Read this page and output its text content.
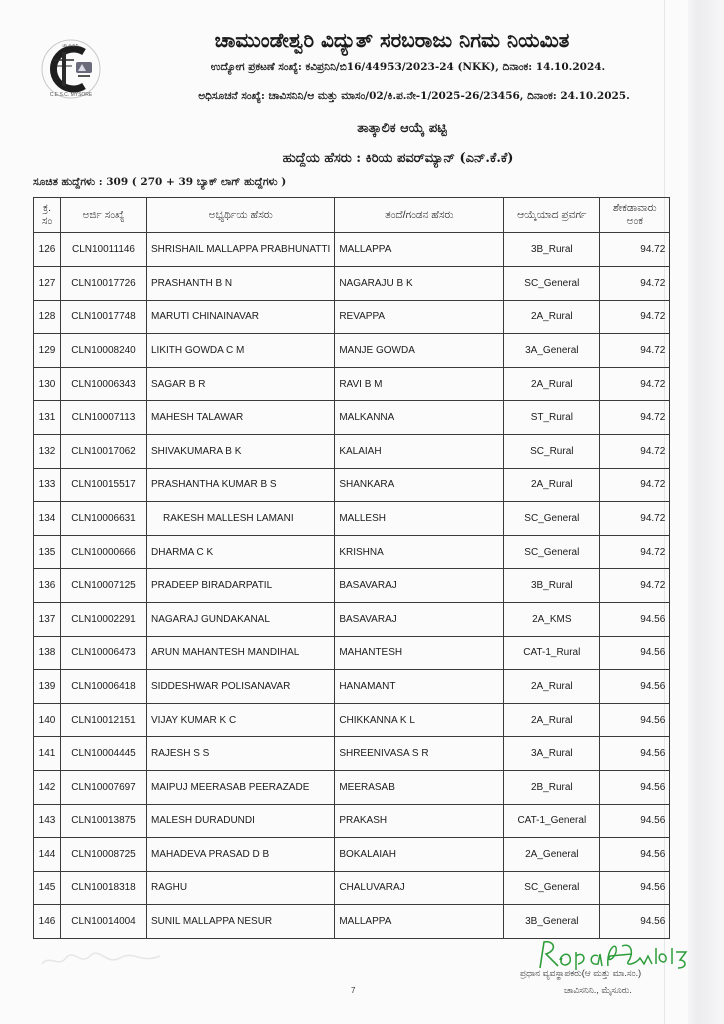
ಚಾ.ವಿ.ಸ.ನಿ.
C.E.S.C. MYSORE
ಚಾಮುಂಡೇಶ್ವರಿ ವಿದ್ಯುತ್ ಸರಬರಾಜು ನಿಗಮ ನಿಯಮಿತ
ಉದ್ಯೋಗ ಪ್ರಕಟಣೆ ಸಂಖ್ಯೆ: ಕವಿಪ್ರನಿನಿ/ಬಿ16/44953/2023-24 (NKK), ದಿನಾಂಕ: 14.10.2024.
ಅಧಿಸೂಚನೆ ಸಂಖ್ಯೆ: ಚಾವಿಸನಿನಿ/ಆ ಮತ್ತು ಮಾಸಂ/02/ಕಿ.ಪ.ನೇ-1/2025-26/23456, ದಿನಾಂಕ: 24.10.2025.
ತಾತ್ಕಾಲಿಕ ಆಯ್ಕೆ ಪಟ್ಟಿ
ಹುದ್ದೆಯ ಹೆಸರು : ಕಿರಿಯ ಪವರ್‌ಮ್ಯಾನ್ (ಎನ್.ಕೆ.ಕೆ)
ಸೂಚಿತ ಹುದ್ದೆಗಳು : 309 ( 270 + 39 ಬ್ಯಾಕ್ ಲಾಗ್ ಹುದ್ದೆಗಳು )
ಕ್ರ. ಸಂ	ಅರ್ಜಿ ಸಂಖ್ಯೆ	ಅಭ್ಯರ್ಥಿಯ ಹೆಸರು	ತಂದೆ/ಗಂಡನ ಹೆಸರು	ಆಯ್ಕೆಯಾದ ಪ್ರವರ್ಗ	ಶೇಕಡಾವಾರು ಅಂಕ
126	CLN10011146	SHRISHAIL MALLAPPA PRABHUNATTI	MALLAPPA	3B_Rural	94.72
127	CLN10017726	PRASHANTH B N	NAGARAJU B K	SC_General	94.72
128	CLN10017748	MARUTI CHINAINAVAR	REVAPPA	2A_Rural	94.72
129	CLN10008240	LIKITH GOWDA C M	MANJE GOWDA	3A_General	94.72
130	CLN10006343	SAGAR B R	RAVI B M	2A_Rural	94.72
131	CLN10007113	MAHESH TALAWAR	MALKANNA	ST_Rural	94.72
132	CLN10017062	SHIVAKUMARA B K	KALAIAH	SC_Rural	94.72
133	CLN10015517	PRASHANTHA KUMAR B S	SHANKARA	2A_Rural	94.72
134	CLN10006631	RAKESH MALLESH LAMANI	MALLESH	SC_General	94.72
135	CLN10000666	DHARMA C K	KRISHNA	SC_General	94.72
136	CLN10007125	PRADEEP BIRADARPATIL	BASAVARAJ	3B_Rural	94.72
137	CLN10002291	NAGARAJ GUNDAKANAL	BASAVARAJ	2A_KMS	94.56
138	CLN10006473	ARUN MAHANTESH MANDIHAL	MAHANTESH	CAT-1_Rural	94.56
139	CLN10006418	SIDDESHWAR POLISANAVAR	HANAMANT	2A_Rural	94.56
140	CLN10012151	VIJAY KUMAR K C	CHIKKANNA K L	2A_Rural	94.56
141	CLN10004445	RAJESH S S	SHREENIVASA S R	3A_Rural	94.56
142	CLN10007697	MAIPUJ MEERASAB PEERAZADE	MEERASAB	2B_Rural	94.56
143	CLN10013875	MALESH DURADUNDI	PRAKASH	CAT-1_General	94.56
144	CLN10008725	MAHADEVA PRASAD D B	BOKALAIAH	2A_General	94.56
145	CLN10018318	RAGHU	CHALUVARAJ	SC_General	94.56
146	CLN10014004	SUNIL MALLAPPA NESUR	MALLAPPA	3B_General	94.56
ಪ್ರಧಾನ ವ್ಯವಸ್ಥಾಪಕರು(ಆ ಮತ್ತು ಮಾ.ಸಂ.)
ಚಾವಿಸನಿನಿ., ಮೈಸೂರು.
7
